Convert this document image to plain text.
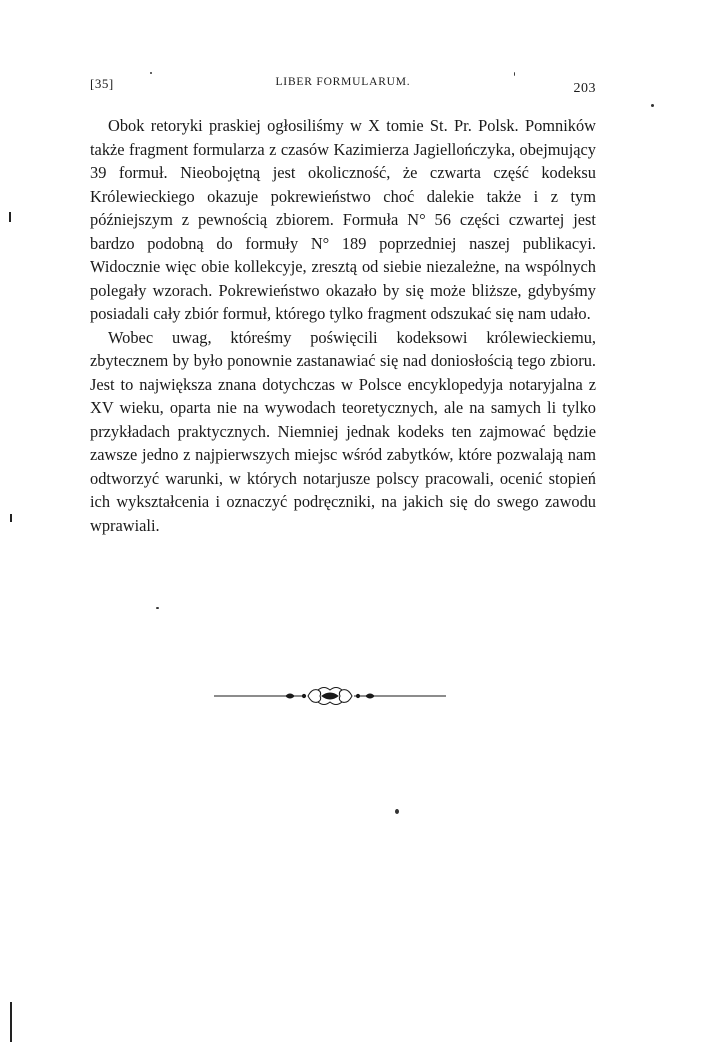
[35]	LIBER FORMULARUM.	203

Obok retoryki praskiej ogłosiliśmy w X tomie St. Pr. Polsk. Pomników także fragment formularza z czasów Kazimierza Jagiellończyka, obejmujący 39 formuł. Nieobojętną jest okoliczność, że czwarta część kodeksu Królewieckiego okazuje pokrewieństwo choć dalekie także i z tym późniejszym z pewnością zbiorem. Formuła N° 56 części czwartej jest bardzo podobną do formuły N° 189 poprzedniej naszej publikacyi. Widocznie więc obie kollekcyje, zresztą od siebie niezależne, na wspólnych polegały wzorach. Pokrewieństwo okazało by się może bliższe, gdybyśmy posiadali cały zbiór formuł, którego tylko fragment odszukać się nam udało.

Wobec uwag, któreśmy poświęcili kodeksowi królewieckiemu, zbytecznem by było ponownie zastanawiać się nad doniosłością tego zbioru. Jest to największa znana dotychczas w Polsce encyklopedyja notaryjalna z XV wieku, oparta nie na wywodach teoretycznych, ale na samych li tylko przykładach praktycznych. Niemniej jednak kodeks ten zajmować będzie zawsze jedno z najpierwszych miejsc wśród zabytków, które pozwalają nam odtworzyć warunki, w których notarjusze polscy pracowali, ocenić stopień ich wykształcenia i oznaczyć podręczniki, na jakich się do swego zawodu wprawiali.
